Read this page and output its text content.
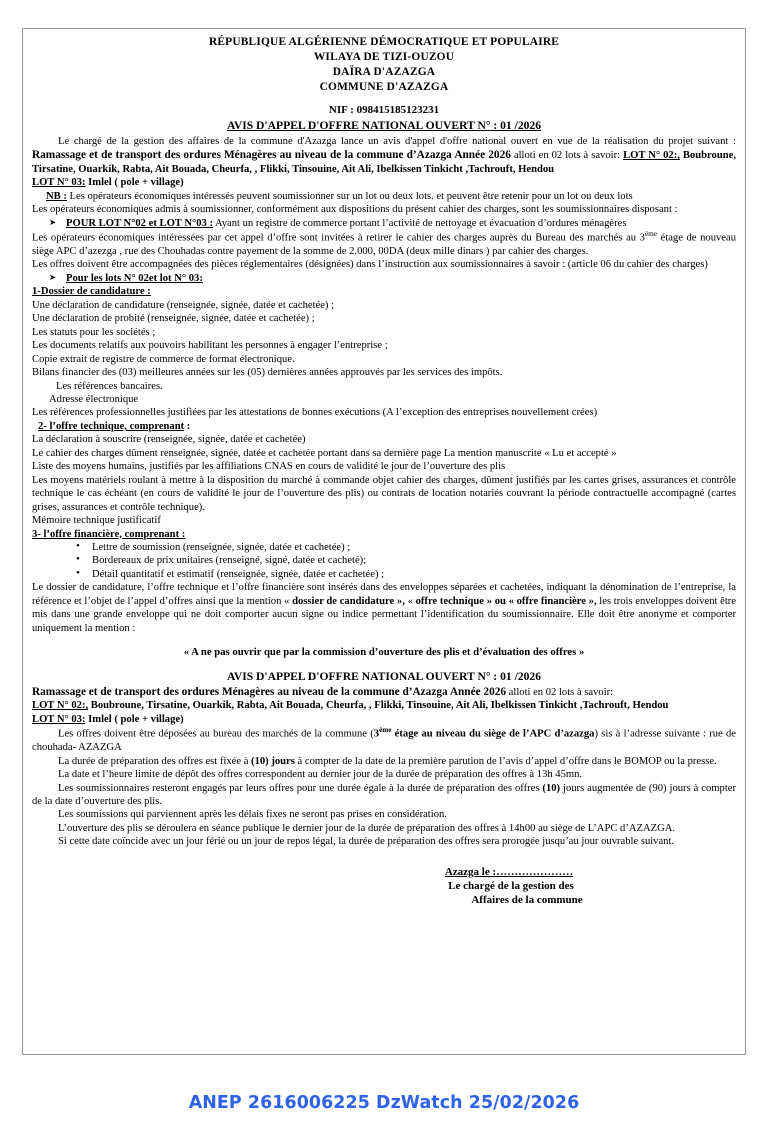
RÉPUBLIQUE ALGÉRIENNE DÉMOCRATIQUE ET POPULAIRE
WILAYA DE TIZI-OUZOU
DAÏRA D'AZAZGA
COMMUNE D'AZAZGA
NIF : 098415185123231
AVIS D'APPEL D'OFFRE NATIONAL OUVERT N° : 01 /2026

Le chargé de la gestion des affaires de la commune d'Azazga lance un avis d'appel d'offre national ouvert en vue de la réalisation du projet suivant : Ramassage et de transport des ordures Ménagères au niveau de la commune d’Azazga Année 2026 alloti en 02 lots à savoir: LOT N° 02:, Boubroune, Tirsatine, Ouarkik, Rabta, Ait Bouada, Cheurfa, , Flikki, Tinsouine, Ait Ali, Ibelkissen Tinkicht ,Tachrouft, Hendou

LOT N° 03: Imlel ( pole + village)

NB : Les opérateurs économiques intéressés peuvent soumissionner sur un lot ou deux lots. et peuvent être retenir pour un lot ou deux lots

Les opérateurs économiques admis à soumissionner, conformément aux dispositions du présent cahier des charges, sont les soumissionnaires disposant :

➤ POUR LOT N°02 et LOT N°03 : Ayant un registre de commerce portant l’activité de nettoyage et évacuation d’ordures ménagères

Les opérateurs économiques intéressées par cet appel d’offre sont invitées à retirer le cahier des charges auprès du Bureau des marchés au 3ème étage de nouveau siège APC d’azezga , rue des Chouhadas contre payement de la somme de 2.000, 00DA (deux mille dinars ) par cahier des charges.

Les offres doivent être accompagnées des pièces réglementaires (désignées) dans l’instruction aux soumissionnaires à savoir : (article 06 du cahier des charges)

➤ Pour les lots N° 02et lot N° 03:

1-Dossier de candidature :

Une déclaration de candidature (renseignée, signée, datée et cachetée) ;

Une déclaration de probité (renseignée, signée, datée et cachetée) ;

Les statuts pour les sociétés ;

Les documents relatifs aux pouvoirs habilitant les personnes à engager l’entreprise ;

Copie extrait de registre de commerce de format électronique.

Bilans financier des (03) meilleures années sur les (05) dernières années approuvés par les services des impôts.

Les références bancaires.

Adresse électronique

Les références professionnelles justifiées par les attestations de bonnes exécutions (A l’exception des entreprises nouvellement crées)

2- l’offre technique, comprenant :

La déclaration à souscrire (renseignée, signée, datée et cachetée)

Le cahier des charges dûment renseignée, signée, datée et cachetée portant dans sa dernière page La mention manuscrite « Lu et accepté »

Liste des moyens humains, justifiés par les affiliations CNAS en cours de validité le jour de l’ouverture des plis

Les moyens matériels roulant à mettre à la disposition du marché à commande objet cahier des charges, dûment justifiés par les cartes grises, assurances et contrôle technique le cas échéant (en cours de validité le jour de l’ouverture des plis) ou contrats de location notariés couvrant la période contractuelle accompagné (cartes grises, assurances et contrôle technique).

Mémoire technique justificatif

3- l’offre financière, comprenant :

• Lettre de soumission (renseignée, signée, datée et cachetée) ;

• Bordereaux de prix unitaires (renseigné, signé, datée et cacheté);

• Détail quantitatif et estimatif (renseignée, signée, datée et cachetée) ;

Le dossier de candidature, l’offre technique et l’offre financière sont insérés dans des enveloppes séparées et cachetées, indiquant la dénomination de l’entreprise, la référence et l’objet de l’appel d’offres ainsi que la mention « dossier de candidature », « offre technique » ou « offre financière », les trois enveloppes doivent être mis dans une grande enveloppe qui ne doit comporter aucun signe ou indice permettant l’identification du soumissionnaire. Elle doit être anonyme et comporter uniquement la mention :

« A ne pas ouvrir que par la commission d’ouverture des plis et d’évaluation des offres »

AVIS D'APPEL D'OFFRE NATIONAL OUVERT N° : 01 /2026

Ramassage et de transport des ordures Ménagères au niveau de la commune d’Azazga Année 2026 alloti en 02 lots à savoir:

LOT N° 02:, Boubroune, Tirsatine, Ouarkik, Rabta, Ait Bouada, Cheurfa, , Flikki, Tinsouine, Ait Ali, Ibelkissen Tinkicht ,Tachrouft, Hendou

LOT N° 03: Imlel ( pole + village)

Les offres doivent être déposées au bureau des marchés de la commune (3ème étage au niveau du siège de l’APC d’azazga) sis à l’adresse suivante : rue de chouhada- AZAZGA

La durée de préparation des offres est fixée à (10) jours à compter de la date de la première parution de l’avis d’appel d’offre dans le BOMOP ou la presse.

La date et l’heure limite de dépôt des offres correspondent au dernier jour de la durée de préparation des offres à 13h 45mn.

Les soumissionnaires resteront engagés par leurs offres pour une durée égale à la durée de préparation des offres (10) jours augmentée de (90) jours à compter de la date d’ouverture des plis.

Les soumissions qui parviennent après les délais fixes ne seront pas prises en considération.

L’ouverture des plis se déroulera en séance publique le dernier jour de la durée de préparation des offres à 14h00 au siège de L’APC d’AZAZGA.

Si cette date coïncide avec un jour férié ou un jour de repos légal, la durée de préparation des offres sera prorogée jusqu’au jour ouvrable suivant.

Azazga le :…………………
Le chargé de la gestion des
Affaires de la commune
ANEP 2616006225 DzWatch 25/02/2026
